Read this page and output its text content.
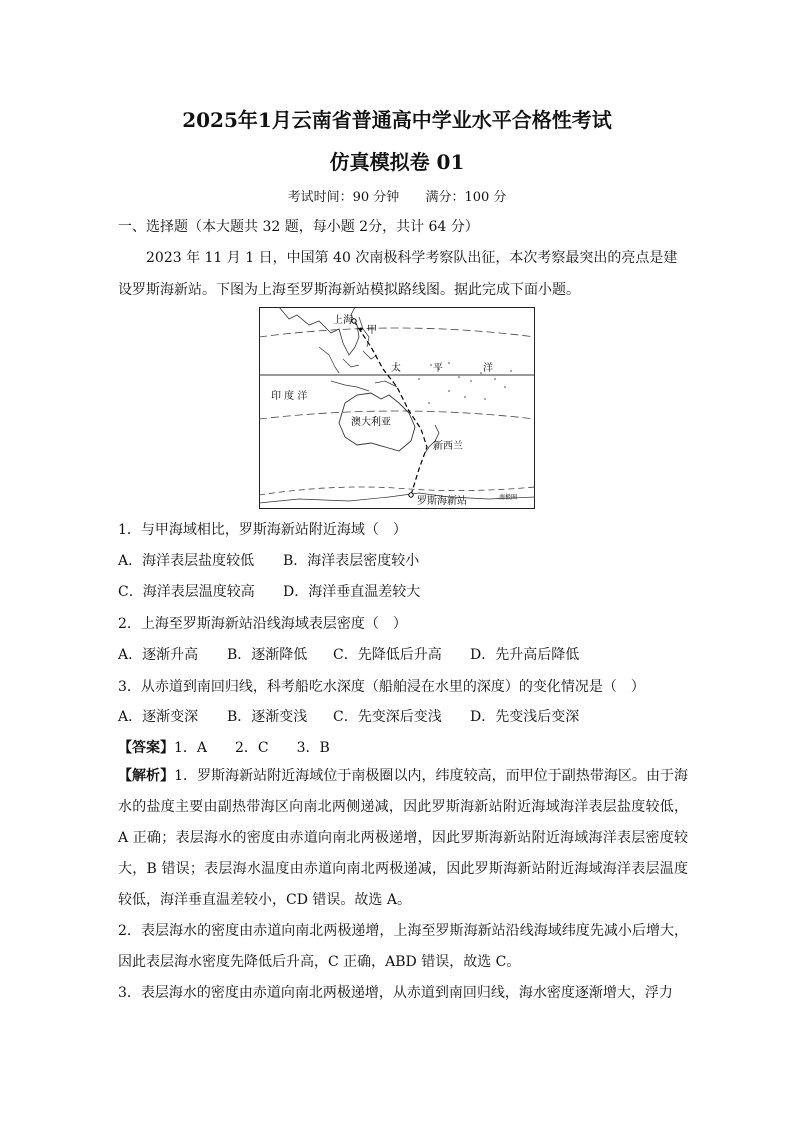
2025年1月云南省普通高中学业水平合格性考试
仿真模拟卷 01
考试时间：90 分钟 满分：100 分
一、选择题（本大题共 32 题，每小题 2分，共计 64 分）
2023 年 11 月 1 日，中国第 40 次南极科学考察队出征，本次考察最突出的亮点是建
设罗斯海新站。下图为上海至罗斯海新站模拟路线图。据此完成下面小题。
上海
甲
太	平	洋
印 度 洋
澳大利亚
新西兰
罗斯海新站	南极圈
1．与甲海域相比，罗斯海新站附近海域（　）
A．海洋表层盐度较低 B．海洋表层密度较小
C．海洋表层温度较高 D．海洋垂直温差较大
2．上海至罗斯海新站沿线海域表层密度（　）
A．逐渐升高 B．逐渐降低 C．先降低后升高 D．先升高后降低
3．从赤道到南回归线，科考船吃水深度（船舶浸在水里的深度）的变化情况是（　）
A．逐渐变深 B．逐渐变浅 C．先变深后变浅 D．先变浅后变深
【答案】1．A　　2．C　　3．B
【解析】1．罗斯海新站附近海域位于南极圈以内，纬度较高，而甲位于副热带海区。由于海水的盐度主要由副热带海区向南北两侧递减，因此罗斯海新站附近海域海洋表层盐度较低，A 正确；表层海水的密度由赤道向南北两极递增，因此罗斯海新站附近海域海洋表层密度较大，B 错误；表层海水温度由赤道向南北两极递减，因此罗斯海新站附近海域海洋表层温度较低，海洋垂直温差较小，CD 错误。故选 A。
2．表层海水的密度由赤道向南北两极递增，上海至罗斯海新站沿线海域纬度先减小后增大，因此表层海水密度先降低后升高，C 正确，ABD 错误，故选 C。
3．表层海水的密度由赤道向南北两极递增，从赤道到南回归线，海水密度逐渐增大，浮力
